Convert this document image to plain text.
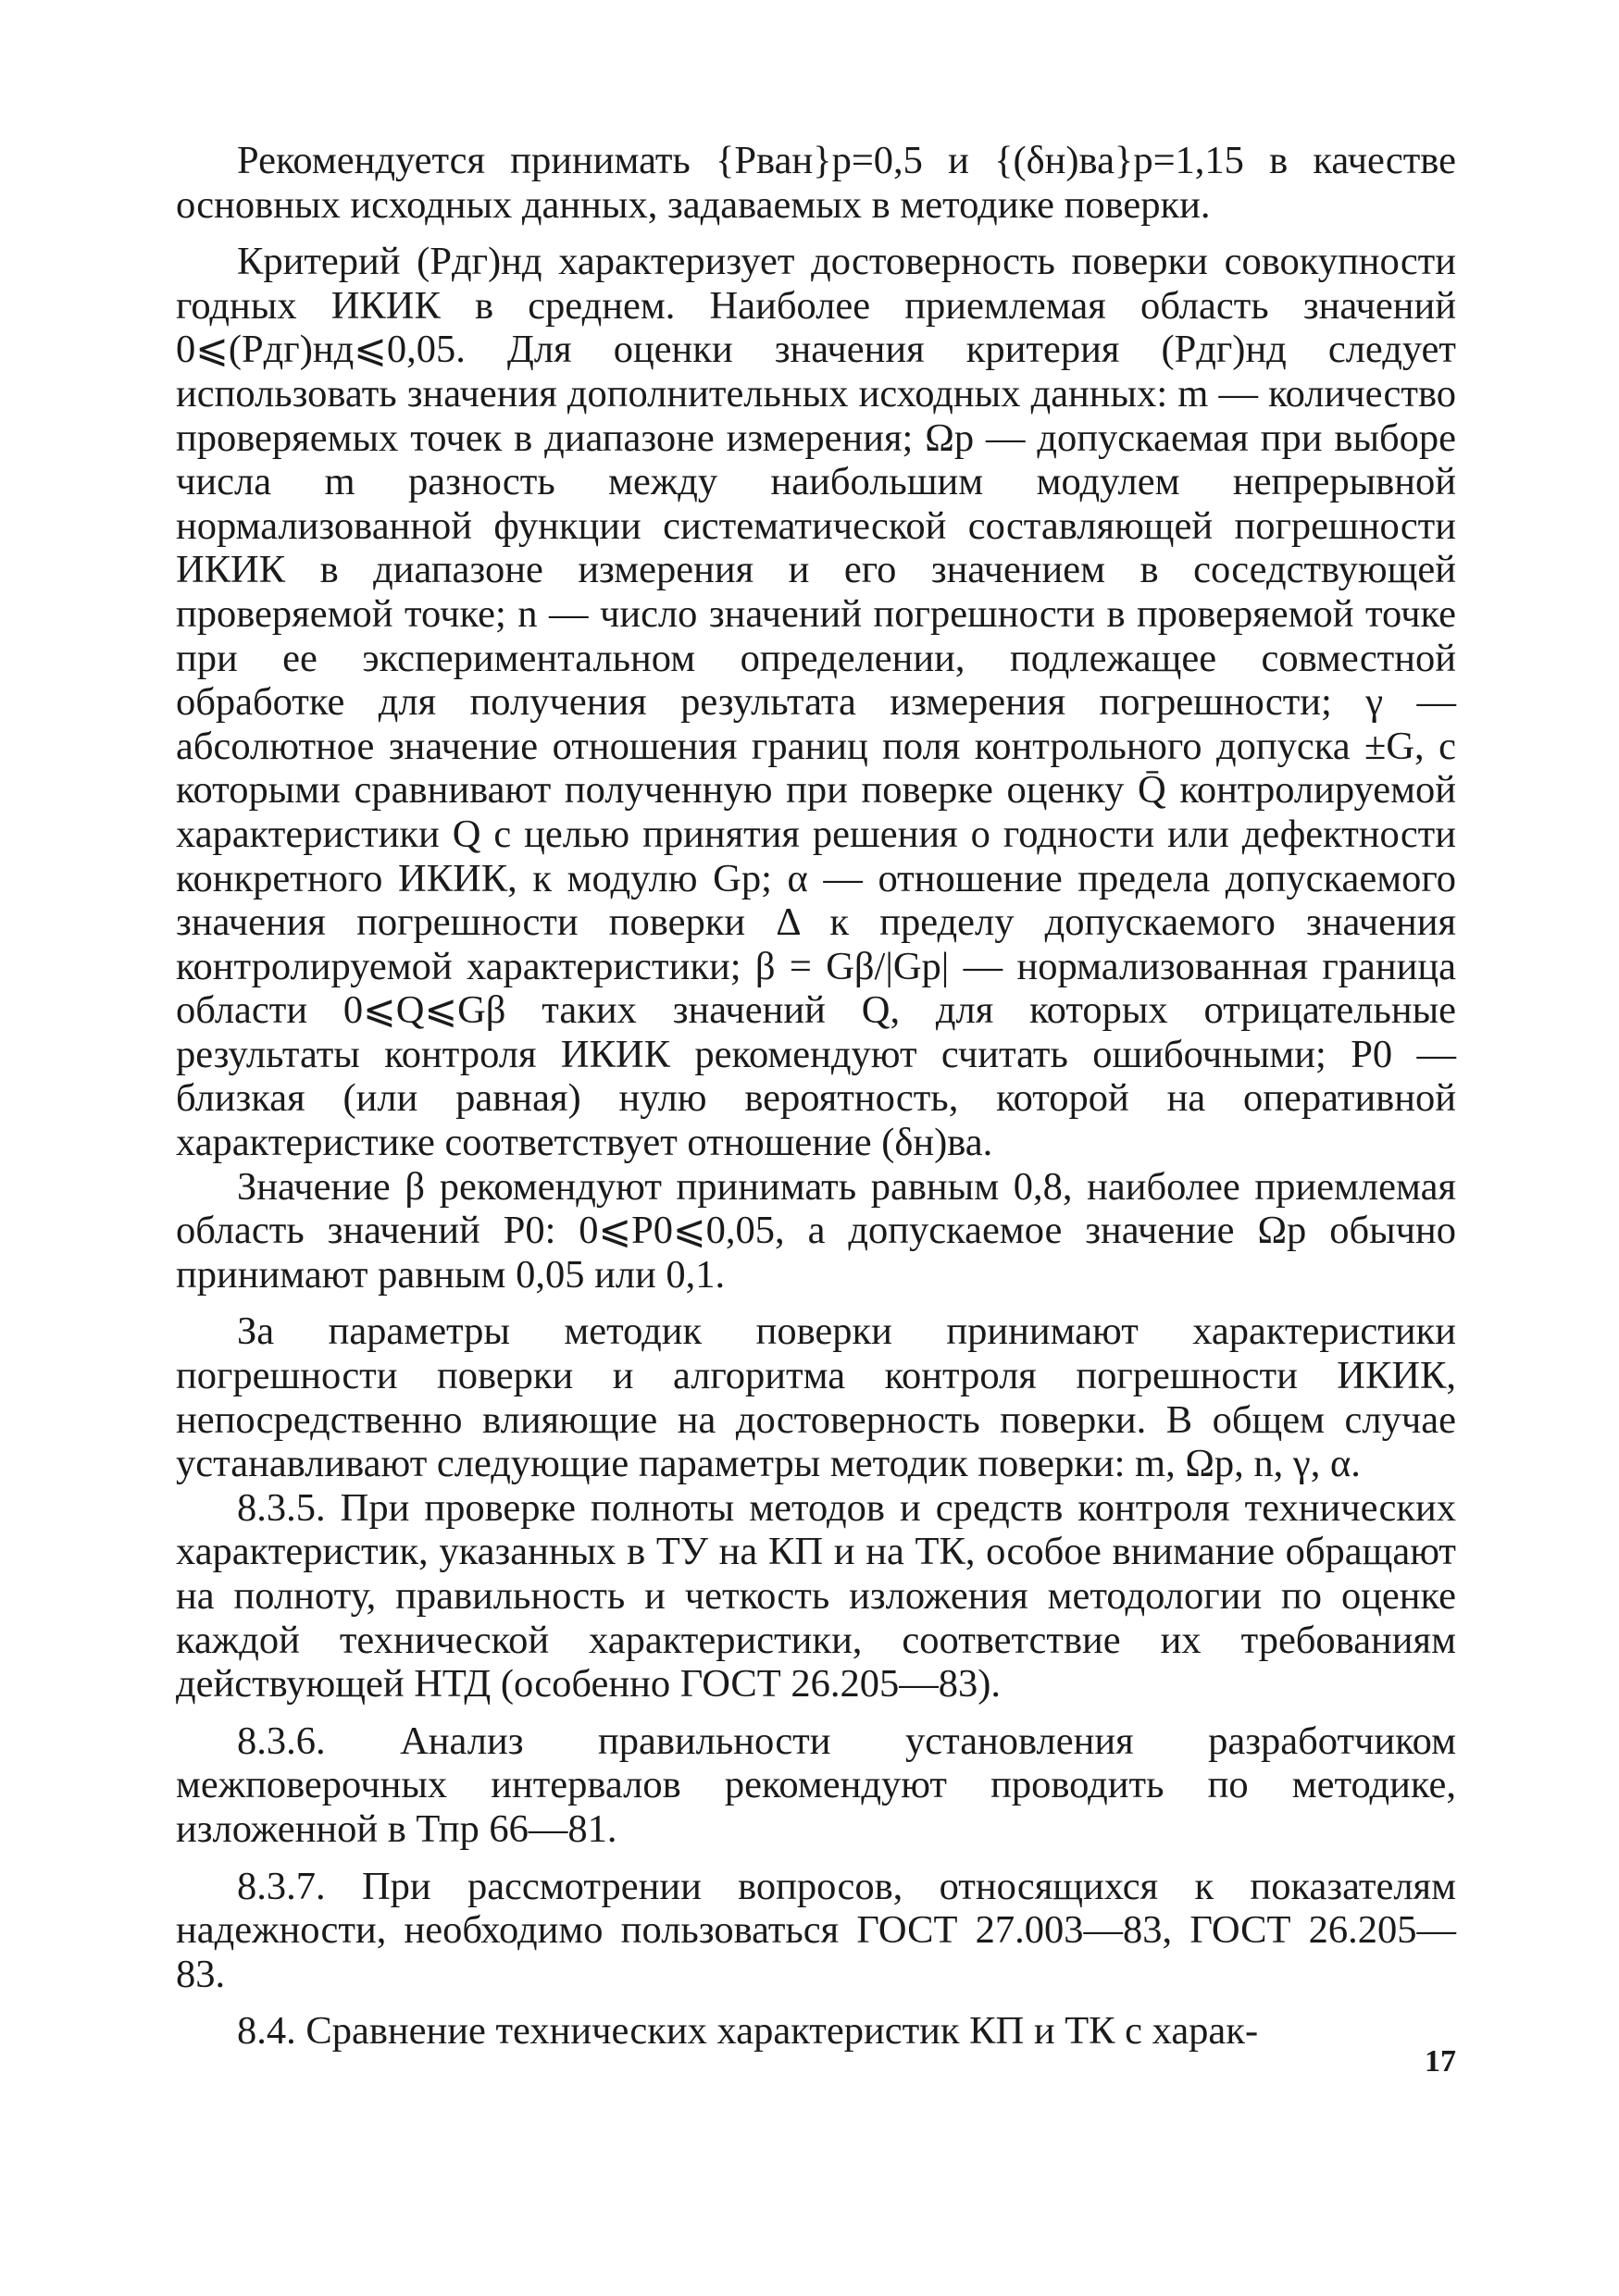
Рекомендуется принимать {Pван}р=0,5 и {(δн)ва}р=1,15 в качестве основных исходных данных, задаваемых в методике поверки.

Критерий (Pдг)нд характеризует достоверность поверки совокупности годных ИКИК в среднем. Наиболее приемлемая область значений 0⩽(Pдг)нд⩽0,05. Для оценки значения критерия (Pдг)нд следует использовать значения дополнительных исходных данных: m — количество проверяемых точек в диапазоне измерения; Ωр — допускаемая при выборе числа m разность между наибольшим модулем непрерывной нормализованной функции систематической составляющей погрешности ИКИК в диапазоне измерения и его значением в соседствующей проверяемой точке; n — число значений погрешности в проверяемой точке при ее экспериментальном определении, подлежащее совместной обработке для получения результата измерения погрешности; γ — абсолютное значение отношения границ поля контрольного допуска ±G, с которыми сравнивают полученную при поверке оценку Q̄ контролируемой характеристики Q с целью принятия решения о годности или дефектности конкретного ИКИК, к модулю Gр; α — отношение предела допускаемого значения погрешности поверки Δ к пределу допускаемого значения контролируемой характеристики; β = Gβ/|Gр| — нормализованная граница области 0⩽Q⩽Gβ таких значений Q, для которых отрицательные результаты контроля ИКИК рекомендуют считать ошибочными; P0 — близкая (или равная) нулю вероятность, которой на оперативной характеристике соответствует отношение (δн)ва.

Значение β рекомендуют принимать равным 0,8, наиболее приемлемая область значений P0: 0⩽P0⩽0,05, а допускаемое значение Ωр обычно принимают равным 0,05 или 0,1.

За параметры методик поверки принимают характеристики погрешности поверки и алгоритма контроля погрешности ИКИК, непосредственно влияющие на достоверность поверки. В общем случае устанавливают следующие параметры методик поверки: m, Ωр, n, γ, α.

8.3.5. При проверке полноты методов и средств контроля технических характеристик, указанных в ТУ на КП и на ТК, особое внимание обращают на полноту, правильность и четкость изложения методологии по оценке каждой технической характеристики, соответствие их требованиям действующей НТД (особенно ГОСТ 26.205—83).

8.3.6. Анализ правильности установления разработчиком межповерочных интервалов рекомендуют проводить по методике, изложенной в Тпр 66—81.

8.3.7. При рассмотрении вопросов, относящихся к показателям надежности, необходимо пользоваться ГОСТ 27.003—83, ГОСТ 26.205—83.

8.4. Сравнение технических характеристик КП и ТК с харак-

17
